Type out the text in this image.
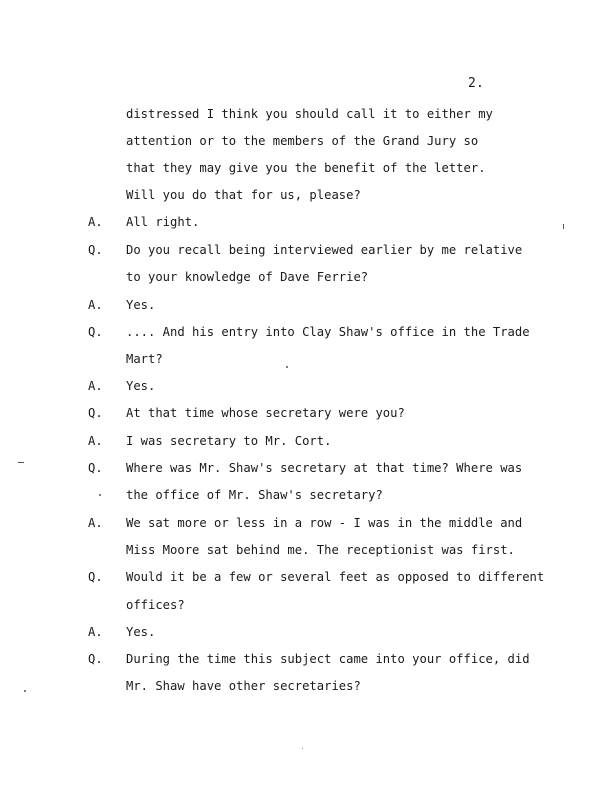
2.
distressed I think you should call it to either my
attention or to the members of the Grand Jury so
that they may give you the benefit of the letter.
Will you do that for us, please?
A. All right.
Q. Do you recall being interviewed earlier by me relative
to your knowledge of Dave Ferrie?
A. Yes.
Q. .... And his entry into Clay Shaw's office in the Trade
Mart?
A. Yes.
Q. At that time whose secretary were you?
A. I was secretary to Mr. Cort.
Q. Where was Mr. Shaw's secretary at that time? Where was
the office of Mr. Shaw's secretary?
A. We sat more or less in a row - I was in the middle and
Miss Moore sat behind me. The receptionist was first.
Q. Would it be a few or several feet as opposed to different
offices?
A. Yes.
Q. During the time this subject came into your office, did
Mr. Shaw have other secretaries?
